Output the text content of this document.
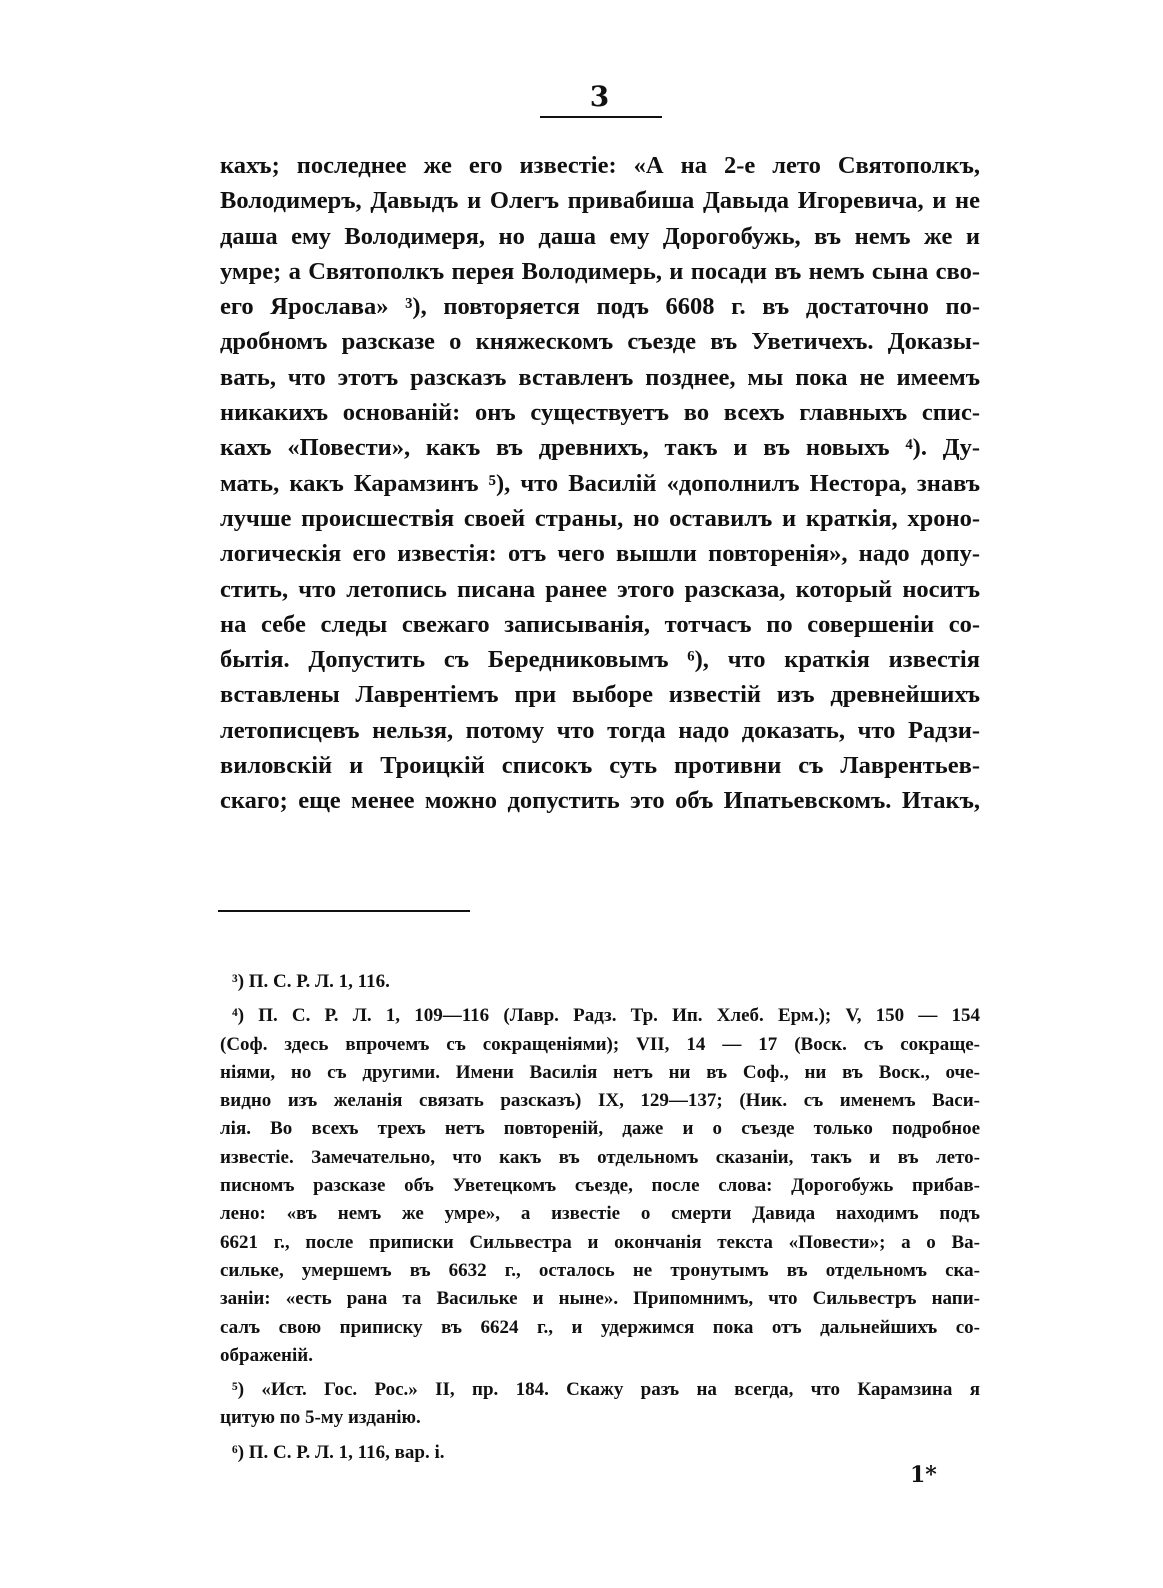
3
кахъ; последнее же его известіе: «А на 2-е лето Святополкъ,
Володимеръ, Давыдъ и Олегъ привабиша Давыда Игоревича, и не
даша ему Володимеря, но даша ему Дорогобужь, въ немъ же и
умре; а Святополкъ перея Володимерь, и посади въ немъ сына сво-
его Ярослава» ³), повторяется подъ 6608 г. въ достаточно по-
дробномъ разсказе о княжескомъ съезде въ Уветичехъ. Доказы-
вать, что этотъ разсказъ вставленъ позднее, мы пока не имеемъ
никакихъ основаній: онъ существуетъ во всехъ главныхъ спис-
кахъ «Повести», какъ въ древнихъ, такъ и въ новыхъ ⁴). Ду-
мать, какъ Карамзинъ ⁵), что Василій «дополнилъ Нестора, знавъ
лучше происшествія своей страны, но оставилъ и краткія, хроно-
логическія его известія: отъ чего вышли повторенія», надо допу-
стить, что летопись писана ранее этого разсказа, который носитъ
на себе следы свежаго записыванія, тотчасъ по совершеніи со-
бытія. Допустить съ Бередниковымъ ⁶), что краткія известія
вставлены Лаврентіемъ при выборе известій изъ древнейшихъ
летописцевъ нельзя, потому что тогда надо доказать, что Радзи-
виловскій и Троицкій списокъ суть противни съ Лаврентьев-
скаго; еще менее можно допустить это объ Ипатьевскомъ. Итакъ,
³) П. С. Р. Л. 1, 116.
⁴) П. С. Р. Л. 1, 109—116 (Лавр. Радз. Тр. Ип. Хлеб. Ерм.); V, 150 — 154
(Соф. здесь впрочемъ съ сокращеніями); VII, 14 — 17 (Воск. съ сокраще-
ніями, но съ другими. Имени Василія нетъ ни въ Соф., ни въ Воск., оче-
видно изъ желанія связать разсказъ) IX, 129—137; (Ник. съ именемъ Васи-
лія. Во всехъ трехъ нетъ повтореній, даже и о съезде только подробное
известіе. Замечательно, что какъ въ отдельномъ сказаніи, такъ и въ лето-
писномъ разсказе объ Уветецкомъ съезде, после слова: Дорогобужь прибав-
лено: «въ немъ же умре», а известіе о смерти Давида находимъ подъ
6621 г., после приписки Сильвестра и окончанія текста «Повести»; а о Ва-
сильке, умершемъ въ 6632 г., осталось не тронутымъ въ отдельномъ ска-
заніи: «есть рана та Васильке и ныне». Припомнимъ, что Сильвестръ напи-
салъ свою приписку въ 6624 г., и удержимся пока отъ дальнейшихъ со-
ображеній.
⁵) «Ист. Гос. Рос.» II, пр. 184. Скажу разъ на всегда, что Карамзина я
цитую по 5-му изданію.
⁶) П. С. Р. Л. 1, 116, вар. i.
1*
